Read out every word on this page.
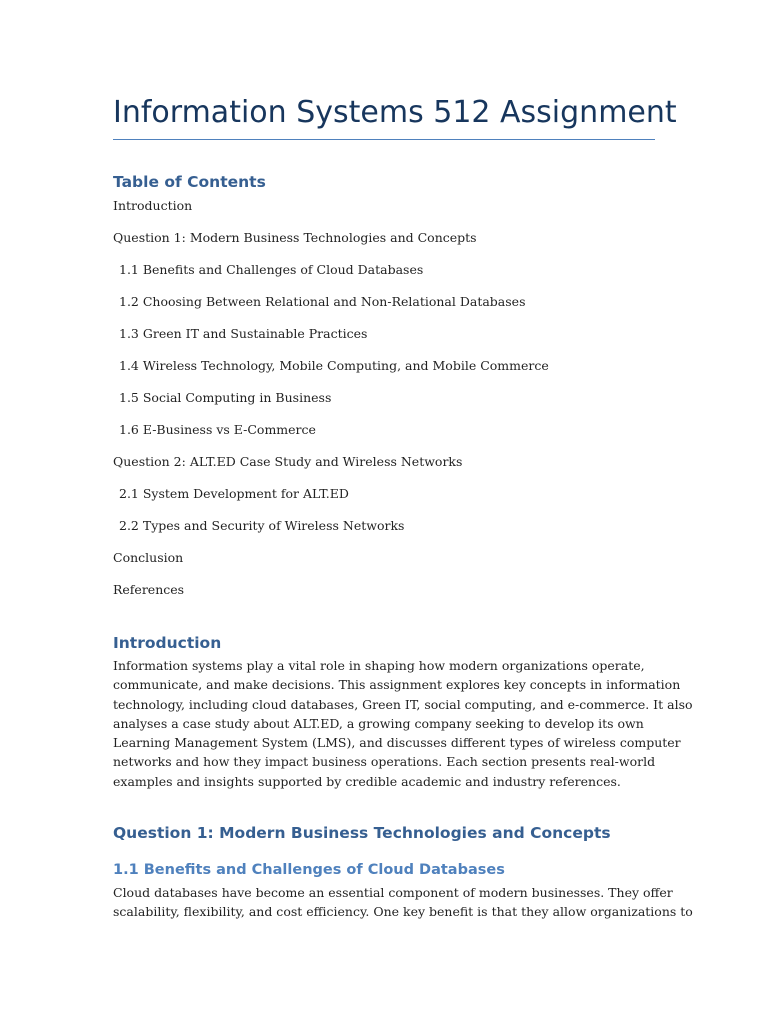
Information Systems 512 Assignment
Table of Contents

Introduction

Question 1: Modern Business Technologies and Concepts

1.1 Benefits and Challenges of Cloud Databases

1.2 Choosing Between Relational and Non-Relational Databases

1.3 Green IT and Sustainable Practices

1.4 Wireless Technology, Mobile Computing, and Mobile Commerce

1.5 Social Computing in Business

1.6 E-Business vs E-Commerce

Question 2: ALT.ED Case Study and Wireless Networks

2.1 System Development for ALT.ED

2.2 Types and Security of Wireless Networks

Conclusion

References

Introduction
Information systems play a vital role in shaping how modern organizations operate,
communicate, and make decisions. This assignment explores key concepts in information
technology, including cloud databases, Green IT, social computing, and e-commerce. It also
analyses a case study about ALT.ED, a growing company seeking to develop its own
Learning Management System (LMS), and discusses different types of wireless computer
networks and how they impact business operations. Each section presents real-world
examples and insights supported by credible academic and industry references.
Question 1: Modern Business Technologies and Concepts
1.1 Benefits and Challenges of Cloud Databases
Cloud databases have become an essential component of modern businesses. They offer
scalability, flexibility, and cost efficiency. One key benefit is that they allow organizations to
